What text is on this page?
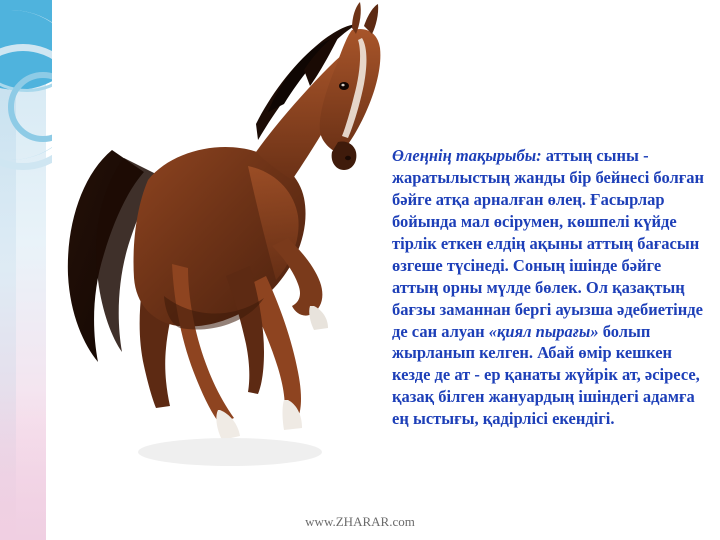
Өлеңнің тақырыбы: аттың сыны - жаратылыстың жанды бір бейнесі болған бәйге атқа арналған өлең. Ғасырлар бойында мал өсірумен, көшпелі күйде тірлік еткен елдің ақыны аттың бағасын өзгеше түсінеді. Соның ішінде бәйге аттың орны мүлде бөлек. Ол қазақтың бағзы заманнан бергі ауызша әдебиетінде де сан алуан «қиял пырағы» болып жырланып келген. Абай өмір кешкен кезде де ат - ер қанаты жүйрік ат, әсіресе, қазақ білген жануардың ішіндегі адамға ең ыстығы, қадірлісі екендігі.
www.ZHARAR.com
